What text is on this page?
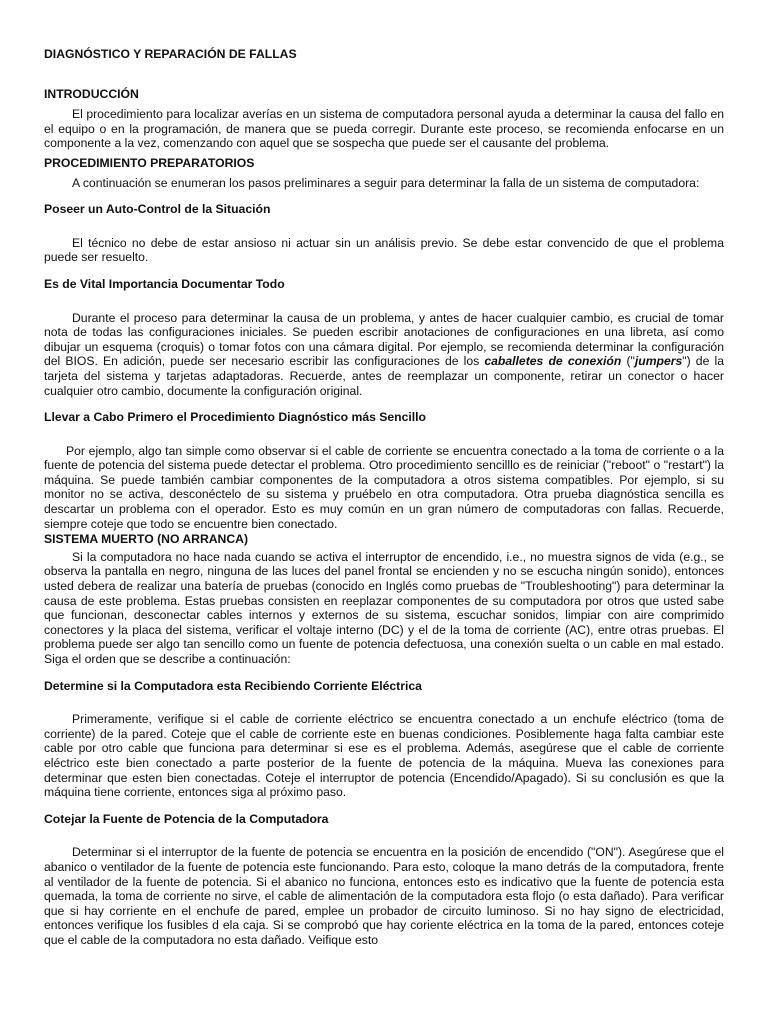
DIAGNÓSTICO Y REPARACIÓN DE FALLAS
INTRODUCCIÓN

El procedimiento para localizar averías en un sistema de computadora personal ayuda a determinar la causa del fallo en el equipo o en la programación, de manera que se pueda corregir. Durante este proceso, se recomienda enfocarse en un componente a la vez, comenzando con aquel que se sospecha que puede ser el causante del problema.

PROCEDIMIENTO PREPARATORIOS

A continuación se enumeran los pasos preliminares a seguir para determinar la falla de un sistema de computadora:

Poseer un Auto-Control de la Situación

El técnico no debe de estar ansioso ni actuar sin un análisis previo. Se debe estar convencido de que el problema puede ser resuelto.

Es de Vital Importancia Documentar Todo

Durante el proceso para determinar la causa de un problema, y antes de hacer cualquier cambio, es crucial de tomar nota de todas las configuraciones iniciales. Se pueden escribir anotaciones de configuraciones en una libreta, así como dibujar un esquema (croquis) o tomar fotos con una cámara digital. Por ejemplo, se recomienda determinar la configuración del BIOS. En adición, puede ser necesario escribir las configuraciones de los caballetes de conexión ("jumpers") de la tarjeta del sistema y tarjetas adaptadoras. Recuerde, antes de reemplazar un componente, retirar un conector o hacer cualquier otro cambio, documente la configuración original.

Llevar a Cabo Primero el Procedimiento Diagnóstico más Sencillo

Por ejemplo, algo tan simple como observar si el cable de corriente se encuentra conectado a la toma de corriente o a la fuente de potencia del sistema puede detectar el problema. Otro procedimiento sencilllo es de reiniciar ("reboot" o "restart") la máquina. Se puede también cambiar componentes de la computadora a otros sistema compatibles. Por ejemplo, si su monitor no se activa, desconéctelo de su sistema y pruébelo en otra computadora. Otra prueba diagnóstica sencilla es descartar un problema con el operador. Esto es muy común en un gran número de computadoras con fallas. Recuerde, siempre coteje que todo se encuentre bien conectado.

SISTEMA MUERTO (NO ARRANCA)

Si la computadora no hace nada cuando se activa el interruptor de encendido, i.e., no muestra signos de vida (e.g., se observa la pantalla en negro, ninguna de las luces del panel frontal se encienden y no se escucha ningún sonido), entonces usted debera de realizar una batería de pruebas (conocido en Inglés como pruebas de "Troubleshooting") para determinar la causa de este problema. Estas pruebas consisten en reeplazar componentes de su computadora por otros que usted sabe que funcionan, desconectar cables internos y externos de su sistema, escuchar sonidos, limpiar con aire comprimido conectores y la placa del sistema, verificar el voltaje interno (DC) y el de la toma de corriente (AC), entre otras pruebas. El problema puede ser algo tan sencillo como un fuente de potencia defectuosa, una conexión suelta o un cable en mal estado. Siga el orden que se describe a continuación:

Determine si la Computadora esta Recibiendo Corriente Eléctrica

Primeramente, verifique si el cable de corriente eléctrico se encuentra conectado a un enchufe eléctrico (toma de corriente) de la pared. Coteje que el cable de corriente este en buenas condiciones. Posiblemente haga falta cambiar este cable por otro cable que funciona para determinar si ese es el problema. Además, asegúrese que el cable de corriente eléctrico este bien conectado a parte posterior de la fuente de potencia de la máquina. Mueva las conexiones para determinar que esten bien conectadas. Coteje el interruptor de potencia (Encendido/Apagado). Si su conclusión es que la máquina tiene corriente, entonces siga al próximo paso.

Cotejar la Fuente de Potencia de la Computadora

Determinar si el interruptor de la fuente de potencia se encuentra en la posición de encendido ("ON"). Asegúrese que el abanico o ventilador de la fuente de potencia este funcionando. Para esto, coloque la mano detrás de la computadora, frente al ventilador de la fuente de potencia. Si el abanico no funciona, entonces esto es indicativo que la fuente de potencia esta quemada, la toma de corriente no sirve, el cable de alimentación de la computadora esta flojo (o esta dañado). Para verificar que si hay corriente en el enchufe de pared, emplee un probador de circuito luminoso. Si no hay signo de electricidad, entonces verifique los fusibles d ela caja. Si se comprobó que hay coriente eléctrica en la toma de la pared, entonces coteje que el cable de la computadora no esta dañado. Veifique esto
